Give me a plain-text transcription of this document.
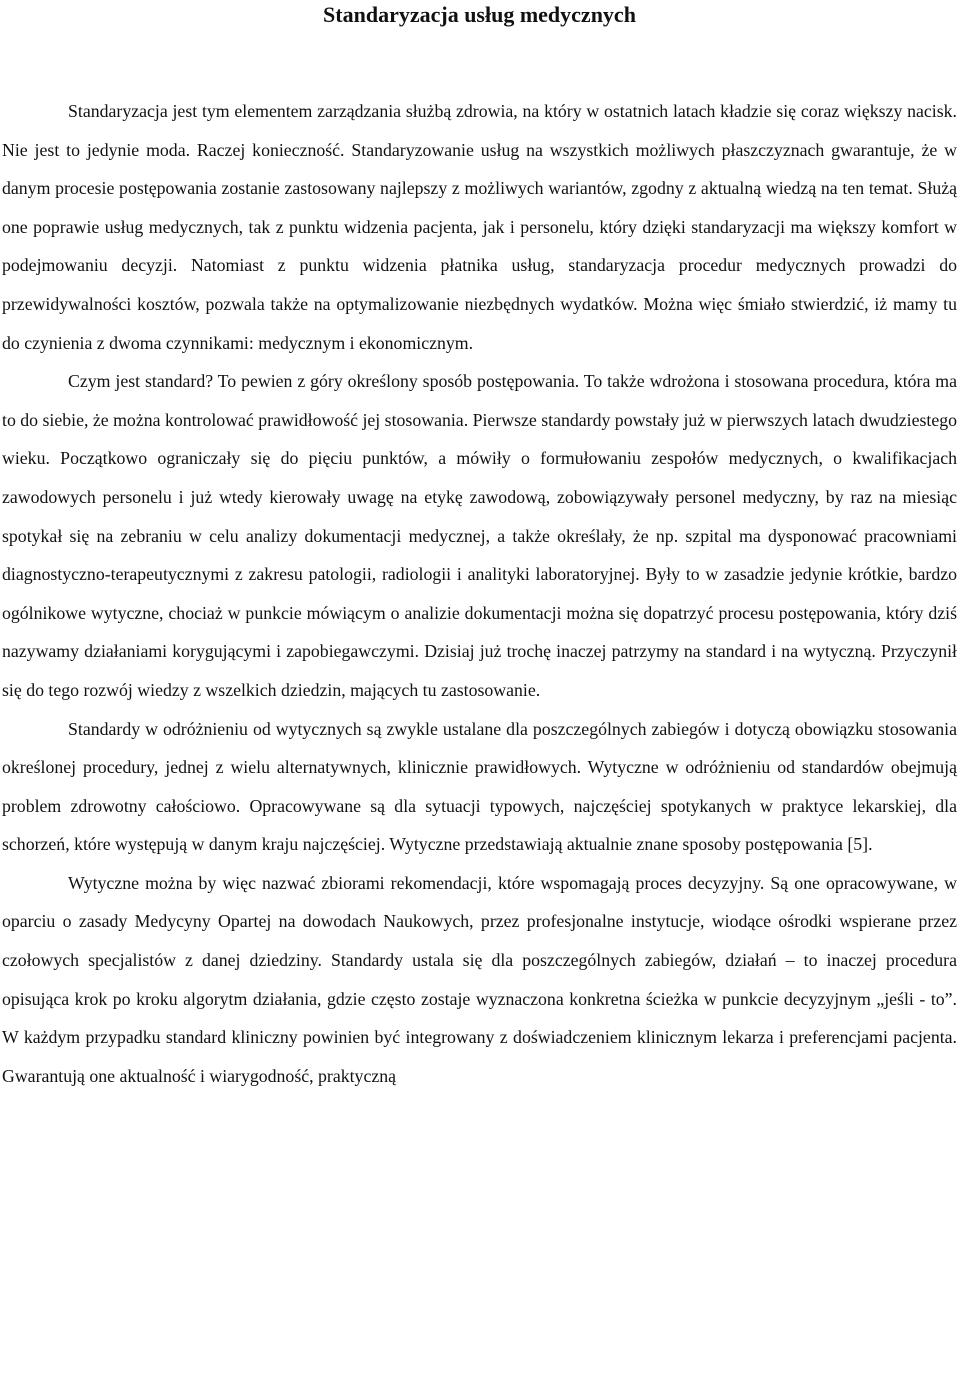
Standaryzacja usług medycznych

Standaryzacja jest tym elementem zarządzania służbą zdrowia, na który w ostatnich latach kładzie się coraz większy nacisk. Nie jest to jedynie moda. Raczej konieczność. Standaryzowanie usług na wszystkich możliwych płaszczyznach gwarantuje, że w danym procesie postępowania zostanie zastosowany najlepszy z możliwych wariantów, zgodny z aktualną wiedzą na ten temat. Służą one poprawie usług medycznych, tak z punktu widzenia pacjenta, jak i personelu, który dzięki standaryzacji ma większy komfort w podejmowaniu decyzji. Natomiast z punktu widzenia płatnika usług, standaryzacja procedur medycznych prowadzi do przewidywalności kosztów, pozwala także na optymalizowanie niezbędnych wydatków. Można więc śmiało stwierdzić, iż mamy tu do czynienia z dwoma czynnikami: medycznym i ekonomicznym.

Czym jest standard? To pewien z góry określony sposób postępowania. To także wdrożona i stosowana procedura, która ma to do siebie, że można kontrolować prawidłowość jej stosowania. Pierwsze standardy powstały już w pierwszych latach dwudziestego wieku. Początkowo ograniczały się do pięciu punktów, a mówiły o formułowaniu zespołów medycznych, o kwalifikacjach zawodowych personelu i już wtedy kierowały uwagę na etykę zawodową, zobowiązywały personel medyczny, by raz na miesiąc spotykał się na zebraniu w celu analizy dokumentacji medycznej, a także określały, że np. szpital ma dysponować pracowniami diagnostyczno-terapeutycznymi z zakresu patologii, radiologii i analityki laboratoryjnej. Były to w zasadzie jedynie krótkie, bardzo ogólnikowe wytyczne, chociaż w punkcie mówiącym o analizie dokumentacji można się dopatrzyć procesu postępowania, który dziś nazywamy działaniami korygującymi i zapobiegawczymi. Dzisiaj już trochę inaczej patrzymy na standard i na wytyczną. Przyczynił się do tego rozwój wiedzy z wszelkich dziedzin, mających tu zastosowanie.

Standardy w odróżnieniu od wytycznych są zwykle ustalane dla poszczególnych zabiegów i dotyczą obowiązku stosowania określonej procedury, jednej z wielu alternatywnych, klinicznie prawidłowych. Wytyczne w odróżnieniu od standardów obejmują problem zdrowotny całościowo. Opracowywane są dla sytuacji typowych, najczęściej spotykanych w praktyce lekarskiej, dla schorzeń, które występują w danym kraju najczęściej. Wytyczne przedstawiają aktualnie znane sposoby postępowania [5].

Wytyczne można by więc nazwać zbiorami rekomendacji, które wspomagają proces decyzyjny. Są one opracowywane, w oparciu o zasady Medycyny Opartej na dowodach Naukowych, przez profesjonalne instytucje, wiodące ośrodki wspierane przez czołowych specjalistów z danej dziedziny. Standardy ustala się dla poszczególnych zabiegów, działań – to inaczej procedura opisująca krok po kroku algorytm działania, gdzie często zostaje wyznaczona konkretna ścieżka w punkcie decyzyjnym „jeśli - to”. W każdym przypadku standard kliniczny powinien być integrowany z doświadczeniem klinicznym lekarza i preferencjami pacjenta. Gwarantują one aktualność i wiarygodność, praktyczną
